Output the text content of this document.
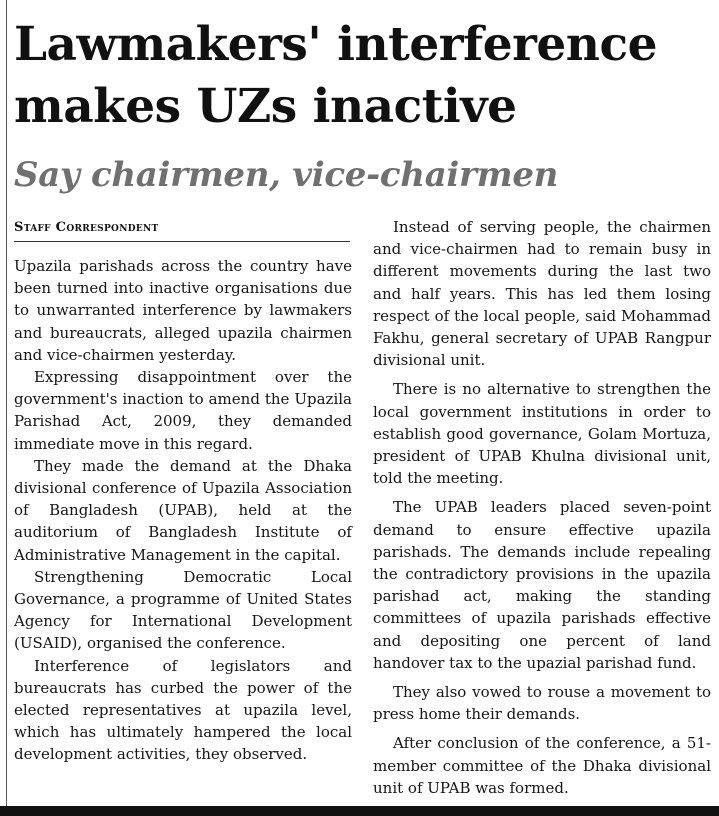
Lawmakers' interference makes UZs inactive
Say chairmen, vice-chairmen
Staff Correspondent

Upazila parishads across the country have been turned into inactive organisations due to unwarranted interference by lawmakers and bureaucrats, alleged upazila chairmen and vice-chairmen yesterday.

Expressing disappointment over the government's inaction to amend the Upazila Parishad Act, 2009, they demanded immediate move in this regard.

They made the demand at the Dhaka divisional conference of Upazila Association of Bangladesh (UPAB), held at the auditorium of Bangladesh Institute of Administrative Management in the capital.

Strengthening Democratic Local Governance, a programme of United States Agency for International Development (USAID), organised the conference.

Interference of legislators and bureaucrats has curbed the power of the elected representatives at upazila level, which has ultimately hampered the local development activities, they observed.

Instead of serving people, the chairmen and vice-chairmen had to remain busy in different movements during the last two and half years. This has led them losing respect of the local people, said Mohammad Fakhu, general secretary of UPAB Rangpur divisional unit.

There is no alternative to strengthen the local government institutions in order to establish good governance, Golam Mortuza, president of UPAB Khulna divisional unit, told the meeting.

The UPAB leaders placed seven-point demand to ensure effective upazila parishads. The demands include repealing the contradictory provisions in the upazila parishad act, making the standing committees of upazila parishads effective and depositing one percent of land handover tax to the upazial parishad fund.

They also vowed to rouse a movement to press home their demands.

After conclusion of the conference, a 51-member committee of the Dhaka divisional unit of UPAB was formed.
